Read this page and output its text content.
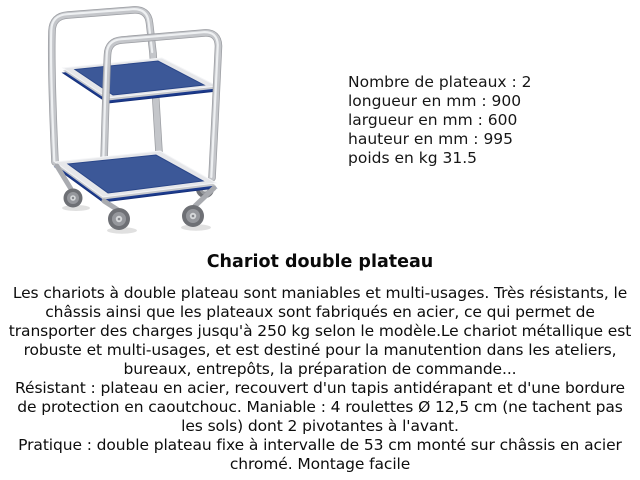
Nombre de plateaux : 2
longueur en mm : 900
largueur en mm : 600
hauteur en mm : 995
poids en kg 31.5
Chariot double plateau

Les chariots à double plateau sont maniables et multi-usages. Très résistants, le châssis ainsi que les plateaux sont fabriqués en acier, ce qui permet de transporter des charges jusqu'à 250 kg selon le modèle.Le chariot métallique est robuste et multi-usages, et est destiné pour la manutention dans les ateliers, bureaux, entrepôts, la préparation de commande...

Résistant : plateau en acier, recouvert d'un tapis antidérapant et d'une bordure de protection en caoutchouc. Maniable : 4 roulettes Ø 12,5 cm (ne tachent pas les sols) dont 2 pivotantes à l'avant.

Pratique : double plateau fixe à intervalle de 53 cm monté sur châssis en acier chromé. Montage facile
